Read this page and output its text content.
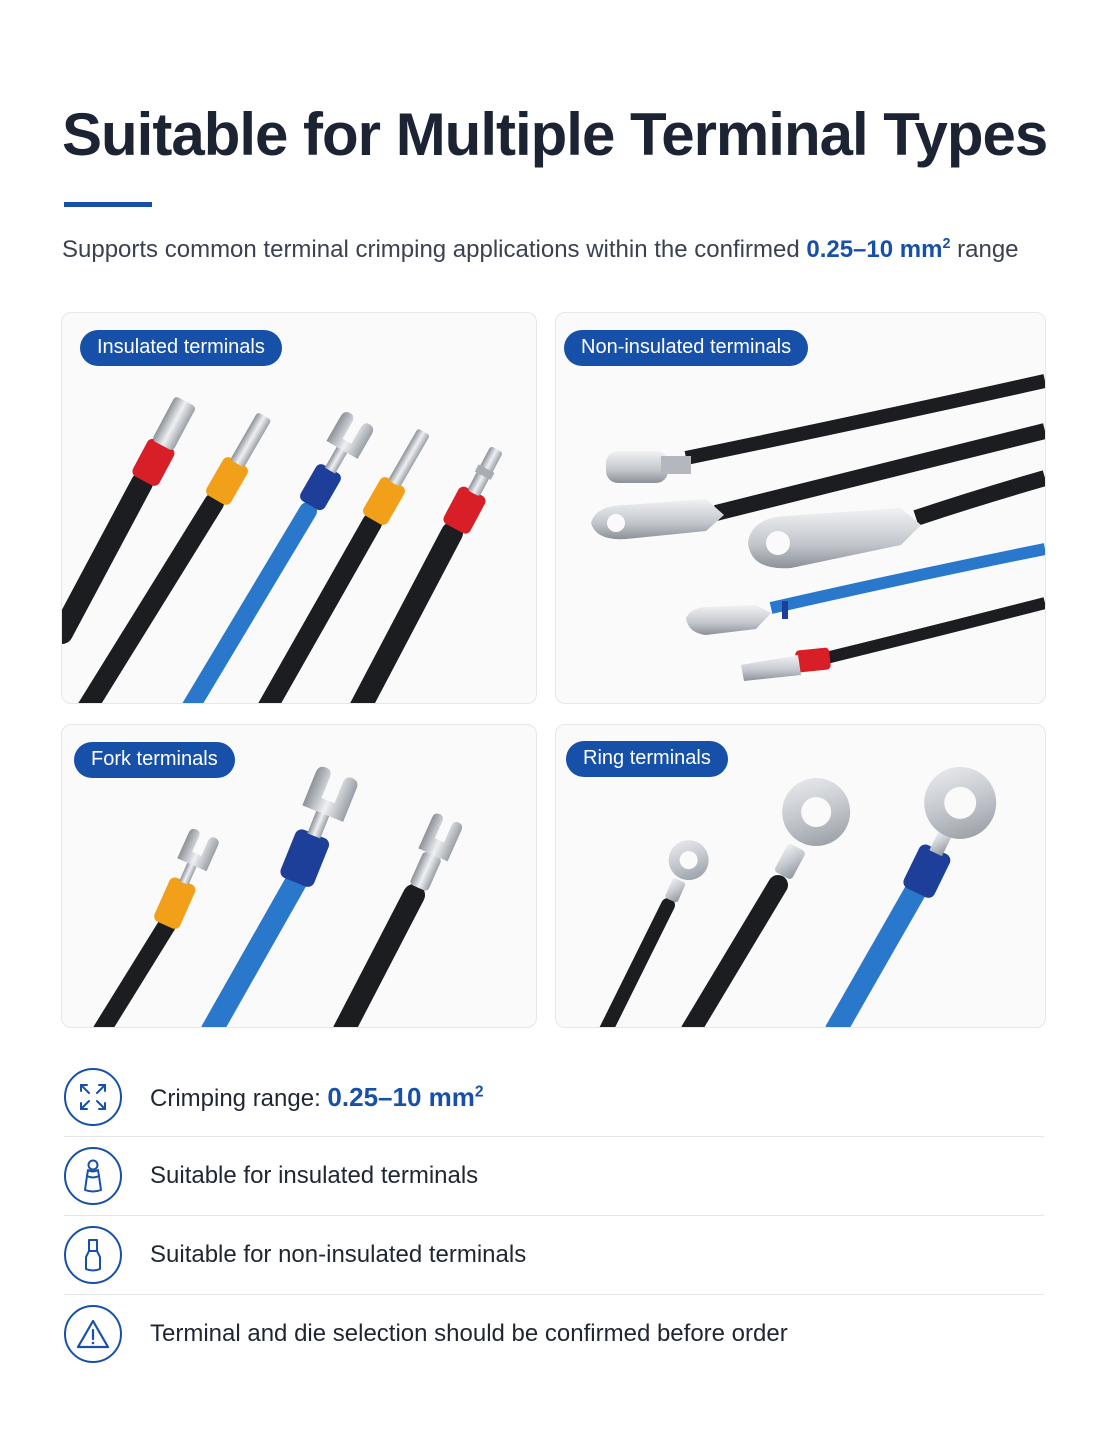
Suitable for Multiple Terminal Types
Supports common terminal crimping applications within the confirmed 0.25–10 $mm^2$ range
Insulated terminals	Non-insulated terminals
Fork terminals	Ring terminals
Crimping range: 0.25–10 $mm^2$
Suitable for insulated terminals
Suitable for non-insulated terminals
Terminal and die selection should be confirmed before order
